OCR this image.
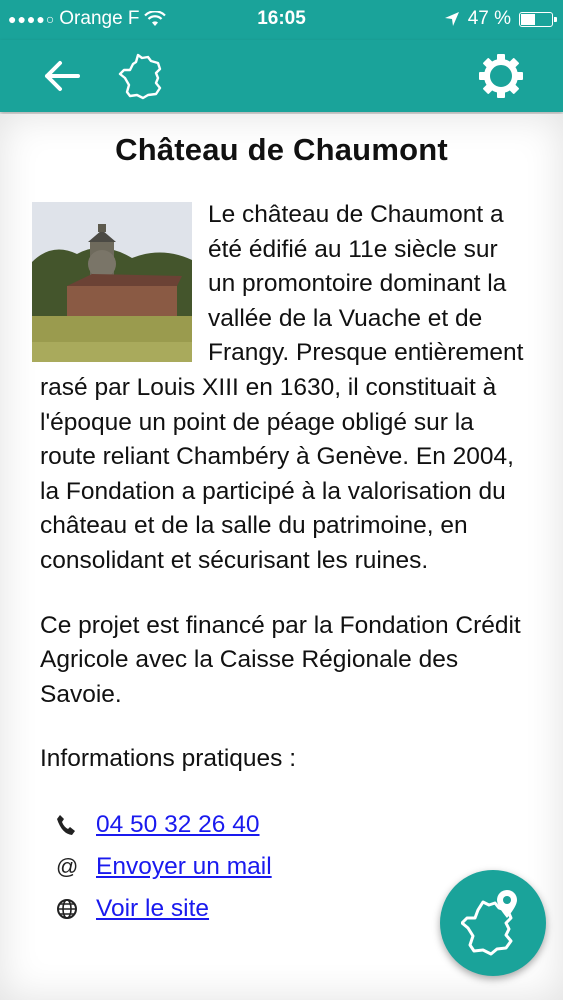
●●●●○ Orange F	16:05	47 %
Château de Chaumont

Le château de Chaumont a été édifié au 11e siècle sur un promontoire dominant la vallée de la Vuache et de Frangy. Presque entièrement rasé par Louis XIII en 1630, il constituait à l'époque un point de péage obligé sur la route reliant Chambéry à Genève. En 2004, la Fondation a participé à la valorisation du château et de la salle du patrimoine, en consolidant et sécurisant les ruines.

Ce projet est financé par la Fondation Crédit Agricole avec la Caisse Régionale des Savoie.

Informations pratiques :
04 50 32 26 40
@ Envoyer un mail
Voir le site
